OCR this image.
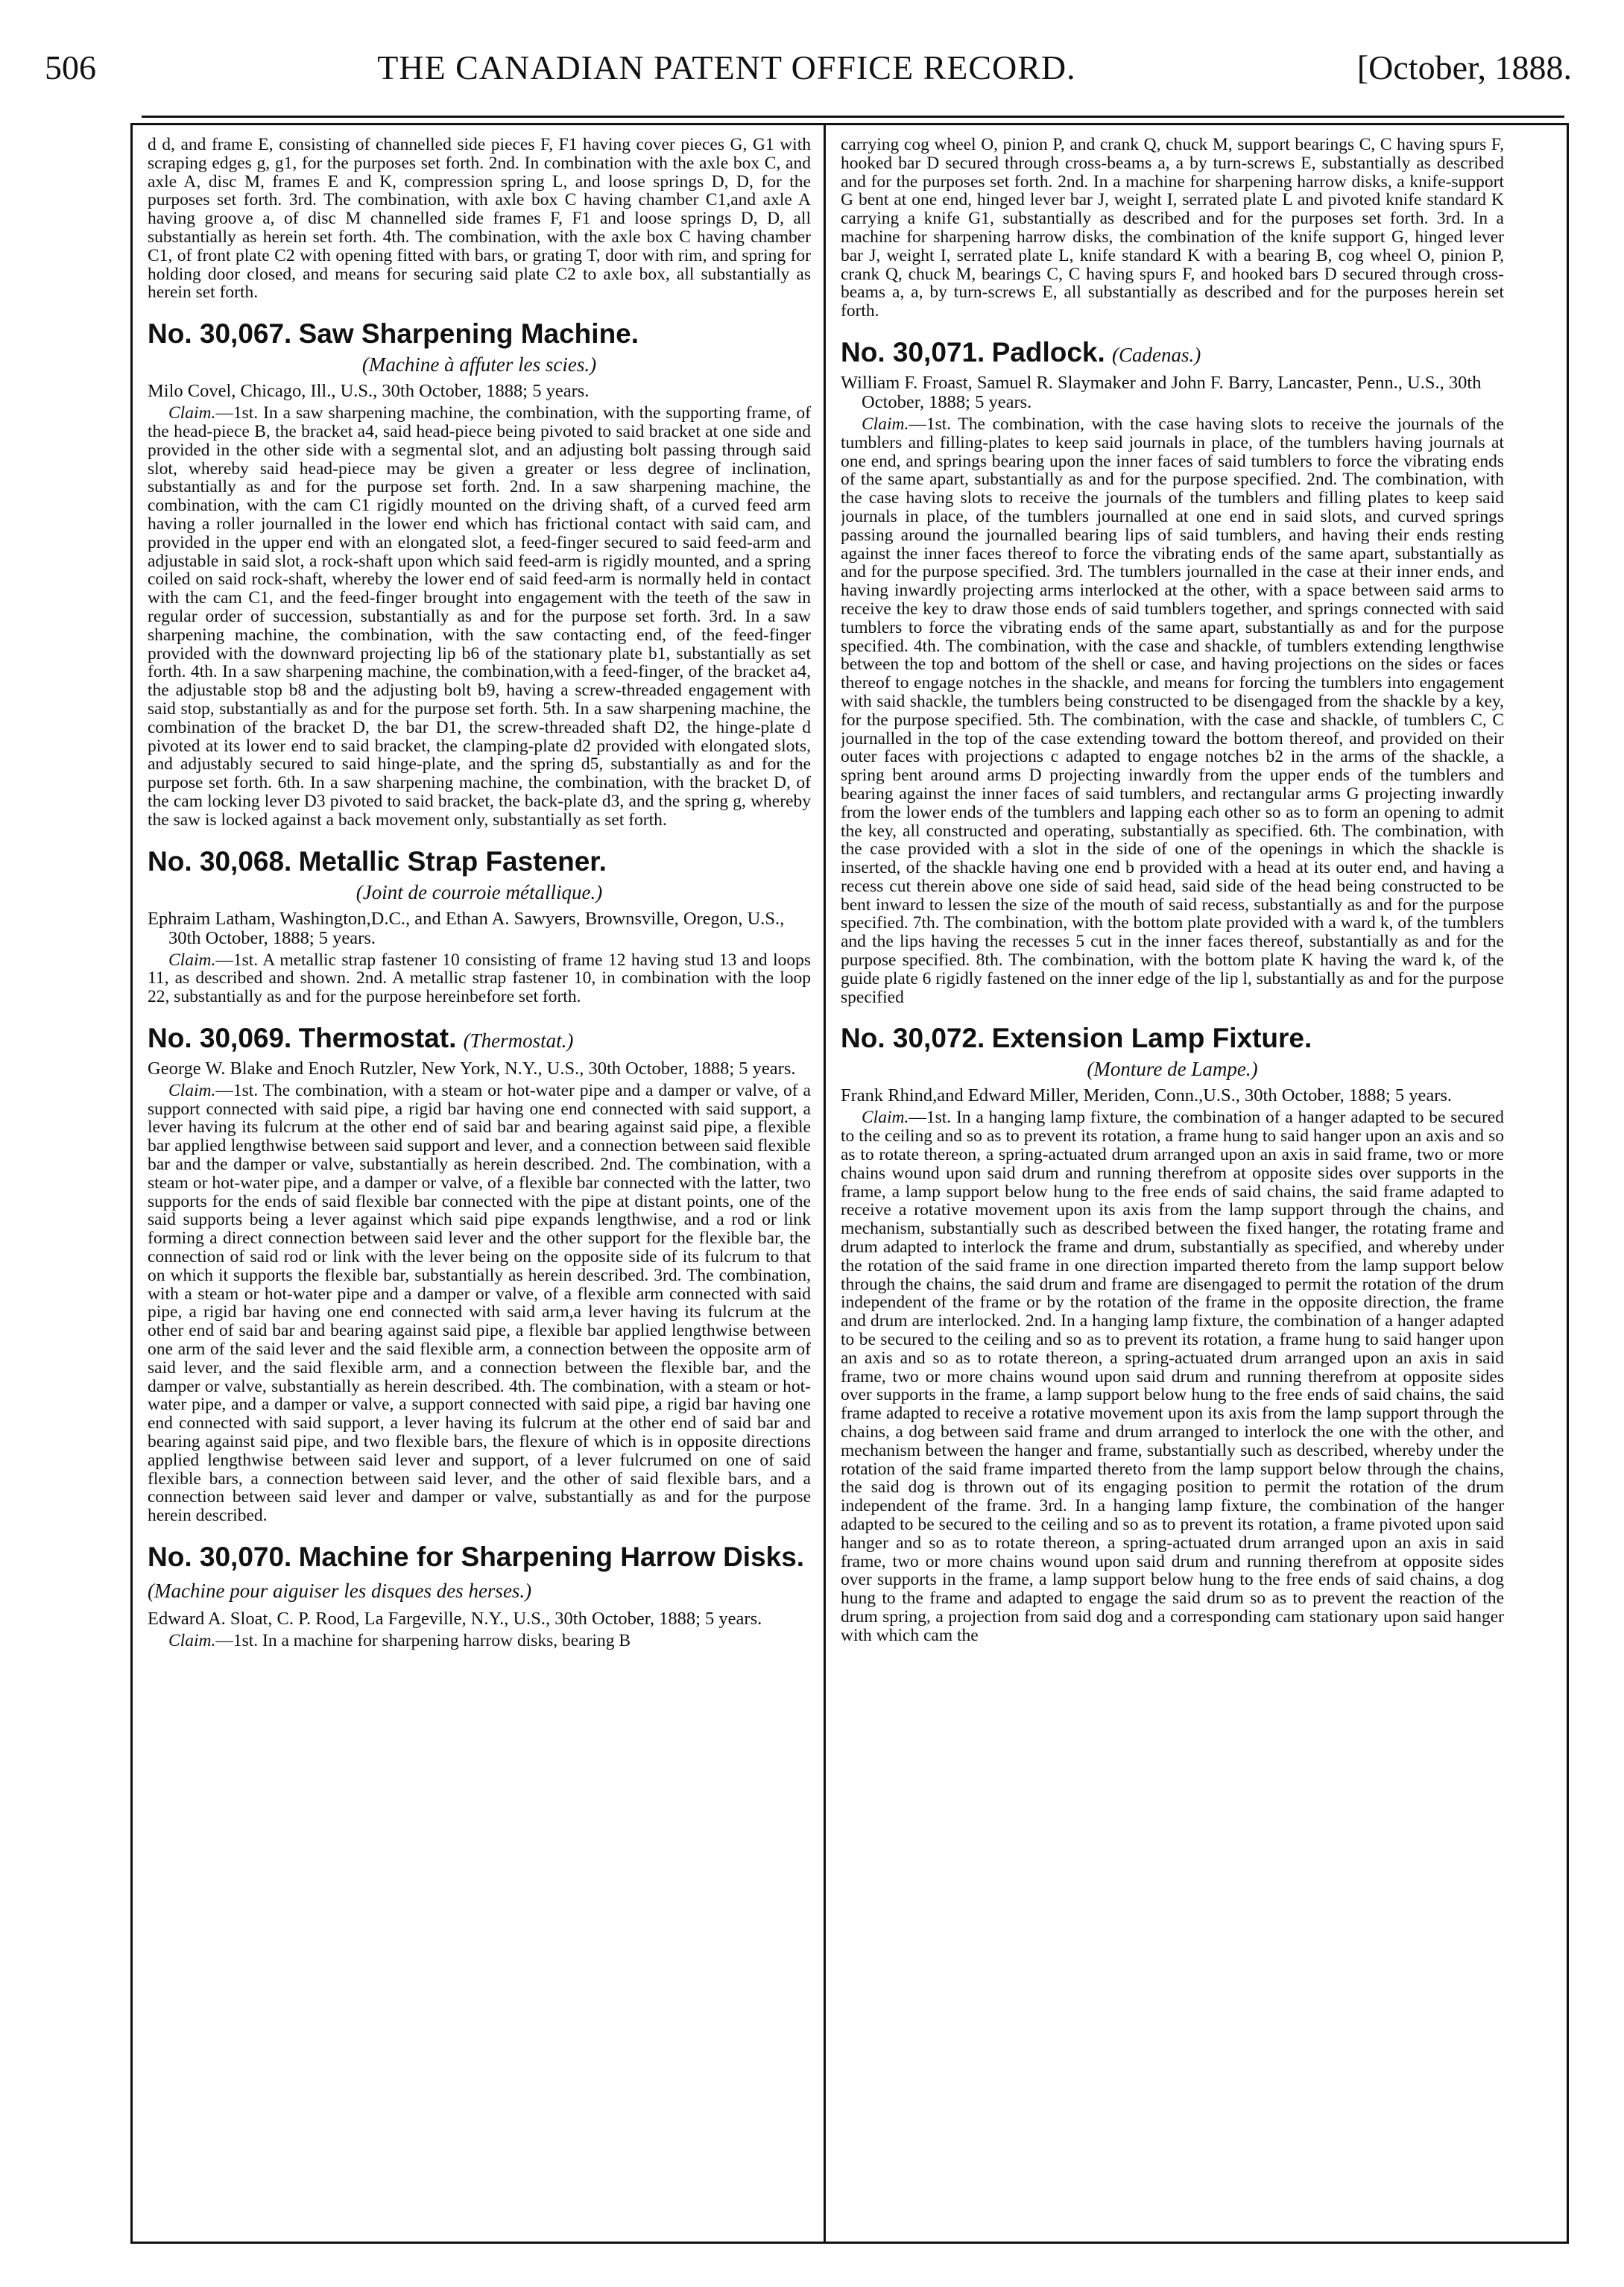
506	THE CANADIAN PATENT OFFICE RECORD.	[October, 1888.

d d, and frame E, consisting of channelled side pieces F, F1 having cover pieces G, G1 with scraping edges g, g1, for the purposes set forth. 2nd. In combination with the axle box C, and axle A, disc M, frames E and K, compression spring L, and loose springs D, D, for the purposes set forth. 3rd. The combination, with axle box C having chamber C1,and axle A having groove a, of disc M channelled side frames F, F1 and loose springs D, D, all substantially as herein set forth. 4th. The combination, with the axle box C having chamber C1, of front plate C2 with opening fitted with bars, or grating T, door with rim, and spring for holding door closed, and means for securing said plate C2 to axle box, all substantially as herein set forth.

No. 30,067. Saw Sharpening Machine.

(Machine à affuter les scies.)

Milo Covel, Chicago, Ill., U.S., 30th October, 1888; 5 years.

Claim.—1st. In a saw sharpening machine, the combination, with the supporting frame, of the head-piece B, the bracket a4, said head-piece being pivoted to said bracket at one side and provided in the other side with a segmental slot, and an adjusting bolt passing through said slot, whereby said head-piece may be given a greater or less degree of inclination, substantially as and for the purpose set forth. 2nd. In a saw sharpening machine, the combination, with the cam C1 rigidly mounted on the driving shaft, of a curved feed arm having a roller journalled in the lower end which has frictional contact with said cam, and provided in the upper end with an elongated slot, a feed-finger secured to said feed-arm and adjustable in said slot, a rock-shaft upon which said feed-arm is rigidly mounted, and a spring coiled on said rock-shaft, whereby the lower end of said feed-arm is normally held in contact with the cam C1, and the feed-finger brought into engagement with the teeth of the saw in regular order of succession, substantially as and for the purpose set forth. 3rd. In a saw sharpening machine, the combination, with the saw contacting end, of the feed-finger provided with the downward projecting lip b6 of the stationary plate b1, substantially as set forth. 4th. In a saw sharpening machine, the combination,with a feed-finger, of the bracket a4, the adjustable stop b8 and the adjusting bolt b9, having a screw-threaded engagement with said stop, substantially as and for the purpose set forth. 5th. In a saw sharpening machine, the combination of the bracket D, the bar D1, the screw-threaded shaft D2, the hinge-plate d pivoted at its lower end to said bracket, the clamping-plate d2 provided with elongated slots, and adjustably secured to said hinge-plate, and the spring d5, substantially as and for the purpose set forth. 6th. In a saw sharpening machine, the combination, with the bracket D, of the cam locking lever D3 pivoted to said bracket, the back-plate d3, and the spring g, whereby the saw is locked against a back movement only, substantially as set forth.

No. 30,068. Metallic Strap Fastener.

(Joint de courroie métallique.)

Ephraim Latham, Washington,D.C., and Ethan A. Sawyers, Brownsville, Oregon, U.S., 30th October, 1888; 5 years.

Claim.—1st. A metallic strap fastener 10 consisting of frame 12 having stud 13 and loops 11, as described and shown. 2nd. A metallic strap fastener 10, in combination with the loop 22, substantially as and for the purpose hereinbefore set forth.

No. 30,069. Thermostat. (Thermostat.)

George W. Blake and Enoch Rutzler, New York, N.Y., U.S., 30th October, 1888; 5 years.

Claim.—1st. The combination, with a steam or hot-water pipe and a damper or valve, of a support connected with said pipe, a rigid bar having one end connected with said support, a lever having its fulcrum at the other end of said bar and bearing against said pipe, a flexible bar applied lengthwise between said support and lever, and a connection between said flexible bar and the damper or valve, substantially as herein described. 2nd. The combination, with a steam or hot-water pipe, and a damper or valve, of a flexible bar connected with the latter, two supports for the ends of said flexible bar connected with the pipe at distant points, one of the said supports being a lever against which said pipe expands lengthwise, and a rod or link forming a direct connection between said lever and the other support for the flexible bar, the connection of said rod or link with the lever being on the opposite side of its fulcrum to that on which it supports the flexible bar, substantially as herein described. 3rd. The combination, with a steam or hot-water pipe and a damper or valve, of a flexible arm connected with said pipe, a rigid bar having one end connected with said arm,a lever having its fulcrum at the other end of said bar and bearing against said pipe, a flexible bar applied lengthwise between one arm of the said lever and the said flexible arm, a connection between the opposite arm of said lever, and the said flexible arm, and a connection between the flexible bar, and the damper or valve, substantially as herein described. 4th. The combination, with a steam or hot-water pipe, and a damper or valve, a support connected with said pipe, a rigid bar having one end connected with said support, a lever having its fulcrum at the other end of said bar and bearing against said pipe, and two flexible bars, the flexure of which is in opposite directions applied lengthwise between said lever and support, of a lever fulcrumed on one of said flexible bars, a connection between said lever, and the other of said flexible bars, and a connection between said lever and damper or valve, substantially as and for the purpose herein described.

No. 30,070. Machine for Sharpening Harrow Disks. (Machine pour aiguiser les disques des herses.)

Edward A. Sloat, C. P. Rood, La Fargeville, N.Y., U.S., 30th October, 1888; 5 years.

Claim.—1st. In a machine for sharpening harrow disks, bearing B

carrying cog wheel O, pinion P, and crank Q, chuck M, support bearings C, C having spurs F, hooked bar D secured through cross-beams a, a by turn-screws E, substantially as described and for the purposes set forth. 2nd. In a machine for sharpening harrow disks, a knife-support G bent at one end, hinged lever bar J, weight I, serrated plate L and pivoted knife standard K carrying a knife G1, substantially as described and for the purposes set forth. 3rd. In a machine for sharpening harrow disks, the combination of the knife support G, hinged lever bar J, weight I, serrated plate L, knife standard K with a bearing B, cog wheel O, pinion P, crank Q, chuck M, bearings C, C having spurs F, and hooked bars D secured through cross-beams a, a, by turn-screws E, all substantially as described and for the purposes herein set forth.

No. 30,071. Padlock. (Cadenas.)

William F. Froast, Samuel R. Slaymaker and John F. Barry, Lancaster, Penn., U.S., 30th October, 1888; 5 years.

Claim.—1st. The combination, with the case having slots to receive the journals of the tumblers and filling-plates to keep said journals in place, of the tumblers having journals at one end, and springs bearing upon the inner faces of said tumblers to force the vibrating ends of the same apart, substantially as and for the purpose specified. 2nd. The combination, with the case having slots to receive the journals of the tumblers and filling plates to keep said journals in place, of the tumblers journalled at one end in said slots, and curved springs passing around the journalled bearing lips of said tumblers, and having their ends resting against the inner faces thereof to force the vibrating ends of the same apart, substantially as and for the purpose specified. 3rd. The tumblers journalled in the case at their inner ends, and having inwardly projecting arms interlocked at the other, with a space between said arms to receive the key to draw those ends of said tumblers together, and springs connected with said tumblers to force the vibrating ends of the same apart, substantially as and for the purpose specified. 4th. The combination, with the case and shackle, of tumblers extending lengthwise between the top and bottom of the shell or case, and having projections on the sides or faces thereof to engage notches in the shackle, and means for forcing the tumblers into engagement with said shackle, the tumblers being constructed to be disengaged from the shackle by a key, for the purpose specified. 5th. The combination, with the case and shackle, of tumblers C, C journalled in the top of the case extending toward the bottom thereof, and provided on their outer faces with projections c adapted to engage notches b2 in the arms of the shackle, a spring bent around arms D projecting inwardly from the upper ends of the tumblers and bearing against the inner faces of said tumblers, and rectangular arms G projecting inwardly from the lower ends of the tumblers and lapping each other so as to form an opening to admit the key, all constructed and operating, substantially as specified. 6th. The combination, with the case provided with a slot in the side of one of the openings in which the shackle is inserted, of the shackle having one end b provided with a head at its outer end, and having a recess cut therein above one side of said head, said side of the head being constructed to be bent inward to lessen the size of the mouth of said recess, substantially as and for the purpose specified. 7th. The combination, with the bottom plate provided with a ward k, of the tumblers and the lips having the recesses 5 cut in the inner faces thereof, substantially as and for the purpose specified. 8th. The combination, with the bottom plate K having the ward k, of the guide plate 6 rigidly fastened on the inner edge of the lip l, substantially as and for the purpose specified

No. 30,072. Extension Lamp Fixture.

(Monture de Lampe.)

Frank Rhind,and Edward Miller, Meriden, Conn.,U.S., 30th October, 1888; 5 years.

Claim.—1st. In a hanging lamp fixture, the combination of a hanger adapted to be secured to the ceiling and so as to prevent its rotation, a frame hung to said hanger upon an axis and so as to rotate thereon, a spring-actuated drum arranged upon an axis in said frame, two or more chains wound upon said drum and running therefrom at opposite sides over supports in the frame, a lamp support below hung to the free ends of said chains, the said frame adapted to receive a rotative movement upon its axis from the lamp support through the chains, and mechanism, substantially such as described between the fixed hanger, the rotating frame and drum adapted to interlock the frame and drum, substantially as specified, and whereby under the rotation of the said frame in one direction imparted thereto from the lamp support below through the chains, the said drum and frame are disengaged to permit the rotation of the drum independent of the frame or by the rotation of the frame in the opposite direction, the frame and drum are interlocked. 2nd. In a hanging lamp fixture, the combination of a hanger adapted to be secured to the ceiling and so as to prevent its rotation, a frame hung to said hanger upon an axis and so as to rotate thereon, a spring-actuated drum arranged upon an axis in said frame, two or more chains wound upon said drum and running therefrom at opposite sides over supports in the frame, a lamp support below hung to the free ends of said chains, the said frame adapted to receive a rotative movement upon its axis from the lamp support through the chains, a dog between said frame and drum arranged to interlock the one with the other, and mechanism between the hanger and frame, substantially such as described, whereby under the rotation of the said frame imparted thereto from the lamp support below through the chains, the said dog is thrown out of its engaging position to permit the rotation of the drum independent of the frame. 3rd. In a hanging lamp fixture, the combination of the hanger adapted to be secured to the ceiling and so as to prevent its rotation, a frame pivoted upon said hanger and so as to rotate thereon, a spring-actuated drum arranged upon an axis in said frame, two or more chains wound upon said drum and running therefrom at opposite sides over supports in the frame, a lamp support below hung to the free ends of said chains, a dog hung to the frame and adapted to engage the said drum so as to prevent the reaction of the drum spring, a projection from said dog and a corresponding cam stationary upon said hanger with which cam the
